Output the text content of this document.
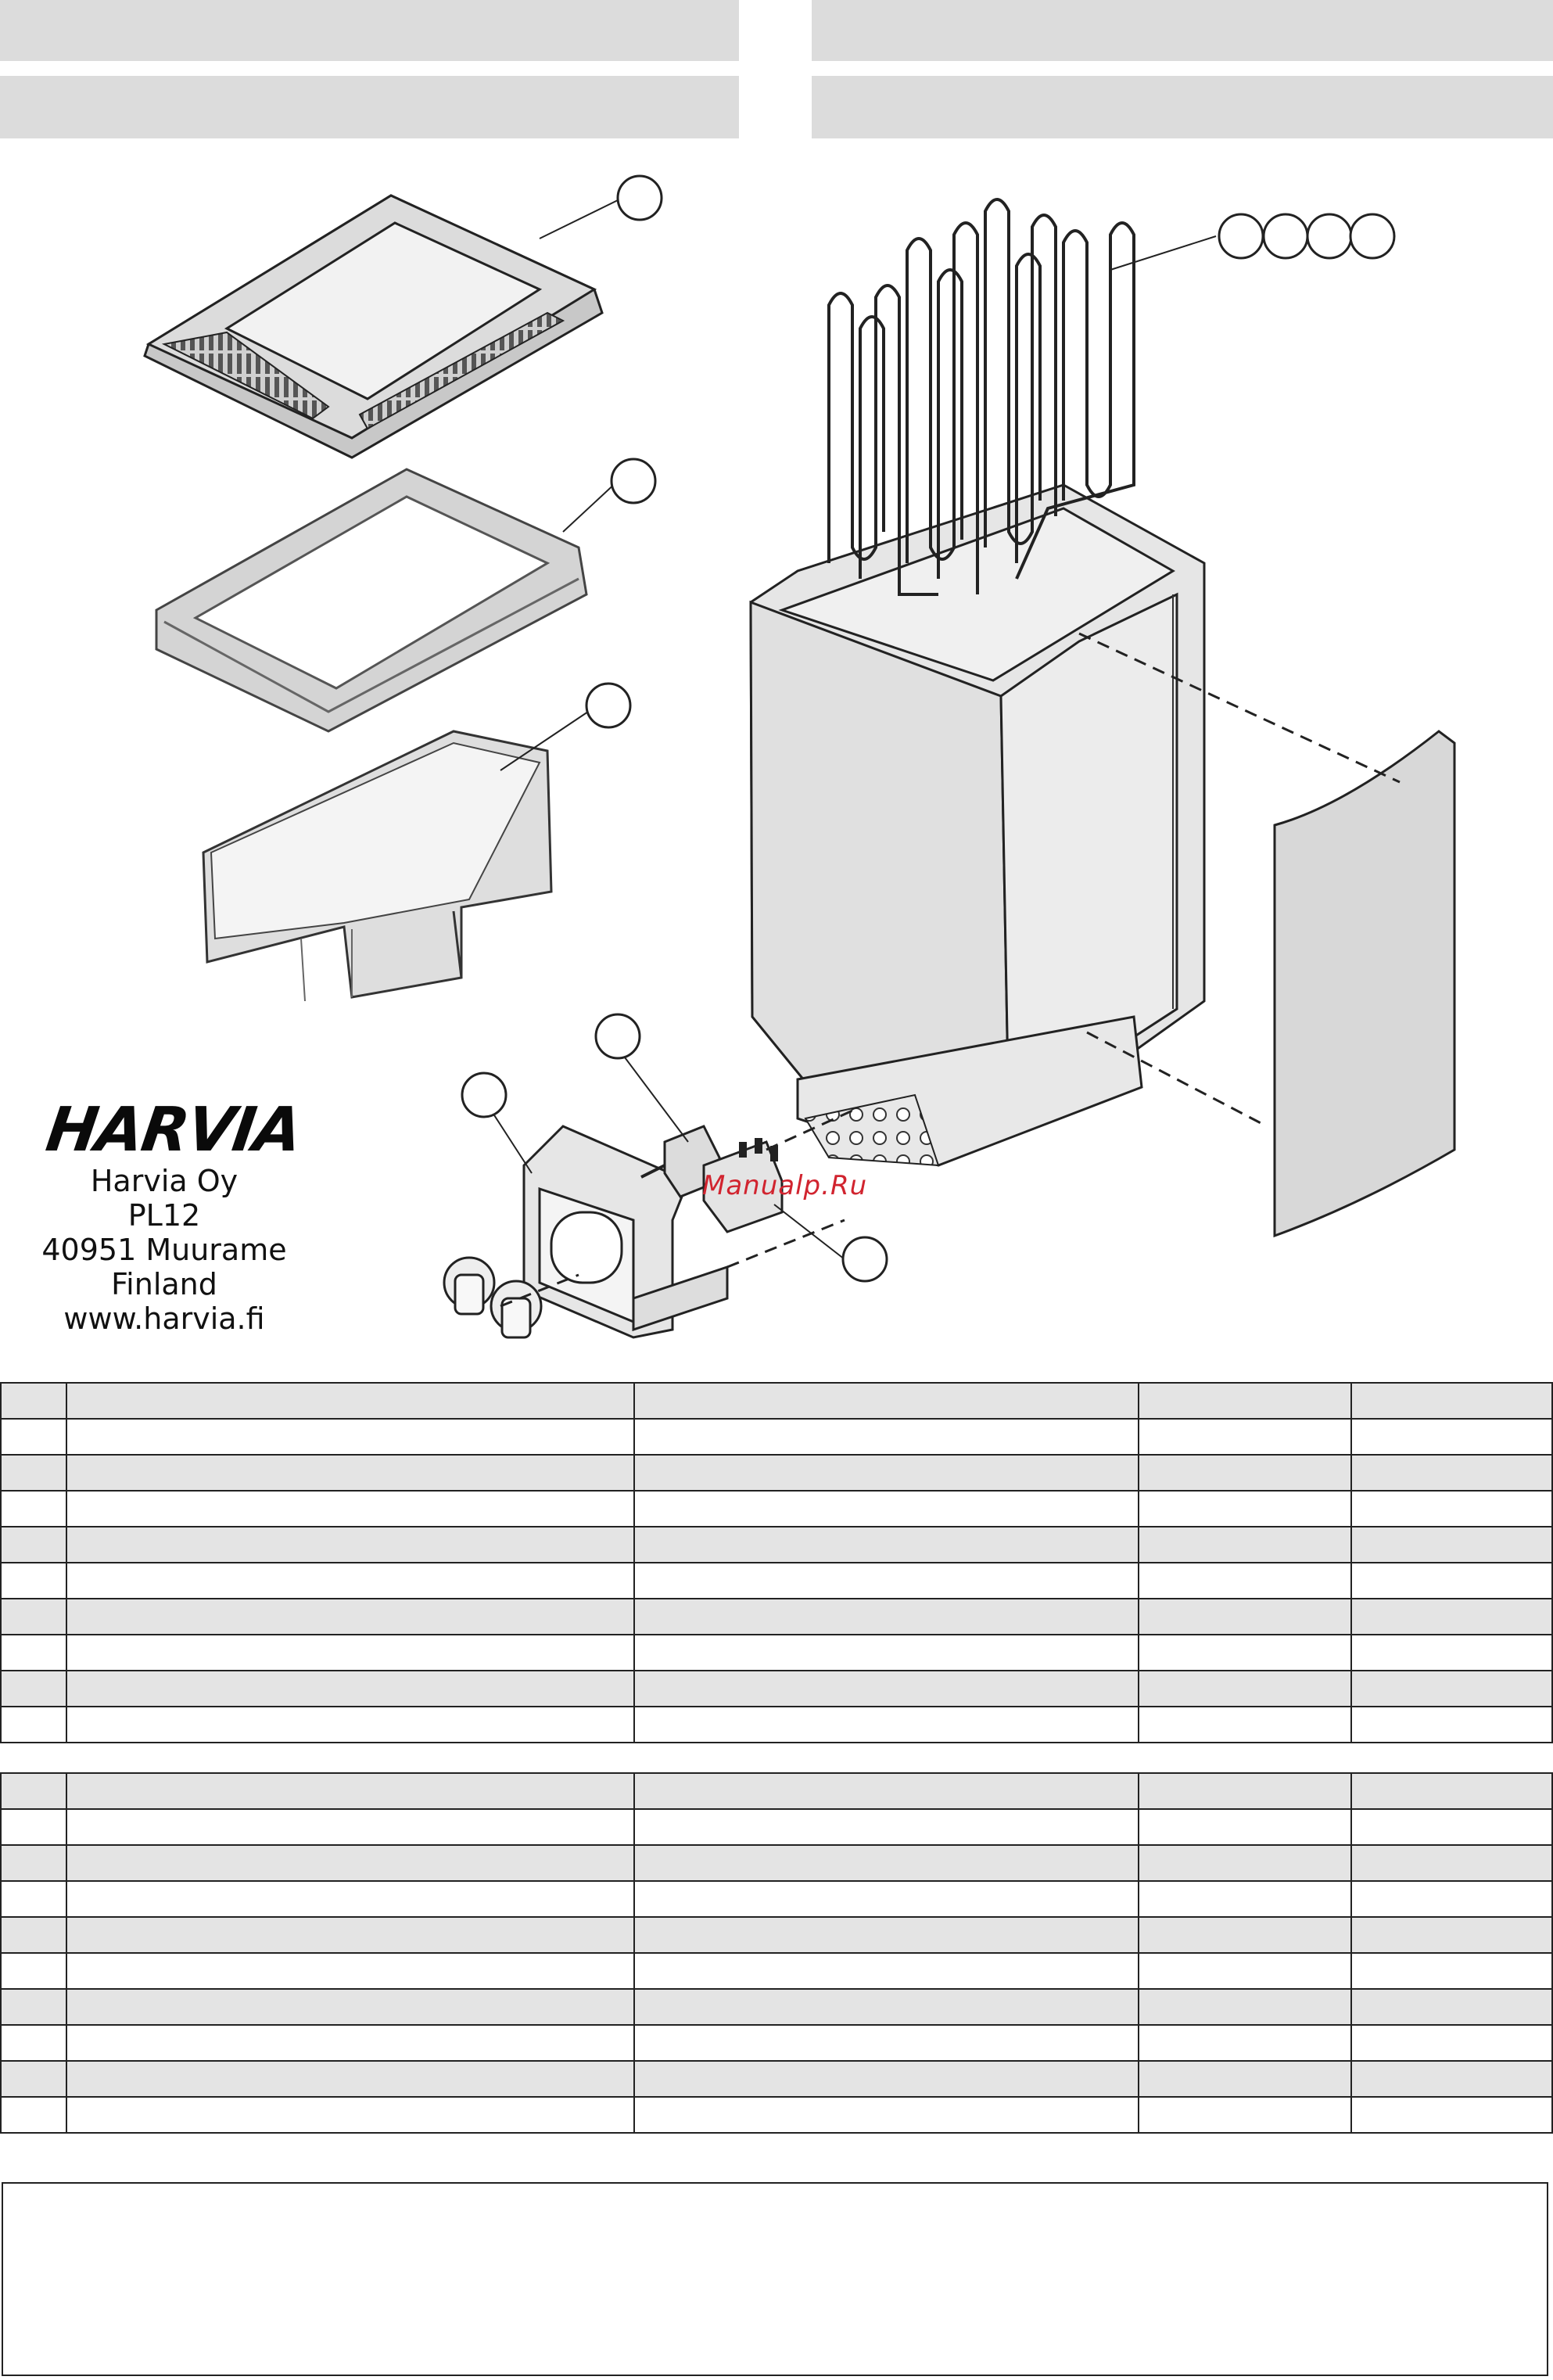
HARVIA
Harvia Oy
PL12
40951 Muurame
Finland
www.harvia.fi
Manualp.Ru
